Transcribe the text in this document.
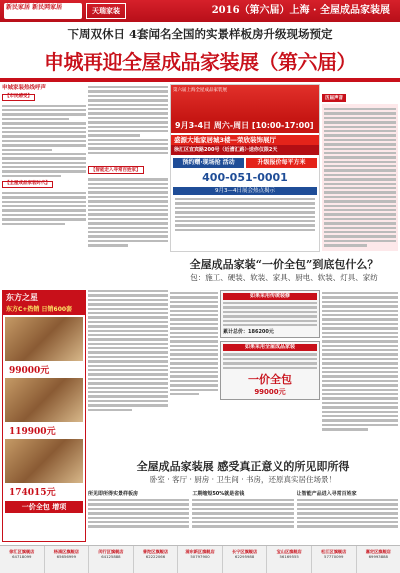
新民家居 新民网家居	天瑞家装	2016（第六届）上海 · 全屋成品家装展
下周双休日 4套闻名全国的实景样板房升级现场预定
申城再迎全屋成品家装展（第六届）
申城家装热线呼声
【市民感受】
【全屋成品家装时代】
东方之星
东方C+热销 日销600套
99000元
119900元
174015元
一价全包 增项
【智能走入寻常百姓家】
第六届上海全屋成品家装展
9月3-4日 周六-周日 [10:00-17:00]
盛源大地家居城3楼—荣欣装饰展厅
徐汇区宜宾路200号（近漕汇路）·送你仅限2天
预约赠·现场抢 活动	升级报价每平方米
400-051-0001
9月3—4日展会热点揭示
历届声音
全屋成品家装“一价全包”到底包什么？
包：施工、硬装、软装、家具、厨电、软装、灯具、家纺
如果采用传统装修
累计总价：186200元
如果采用全屋成品家装
一价全包
99000元
全屋成品家装展 感受真正意义的所见即所得
卧室 · 客厅 · 厨房 · 卫生间 · 书房，还原真实居住场景！
所见即所得实景样板房	工期缩短50%就是省钱	让智能产品进入寻常百姓家
徐汇区旗舰店
64718099
杨浦区旗舰店
65656999
闵行区旗舰店
64125888
普陀区旗舰店
62222066
浦东新区旗舰店
50797900
长宁区旗舰店
62295988
宝山区旗舰店
56169555
松江区旗舰店
57770099
嘉定区旗舰店
69993888
